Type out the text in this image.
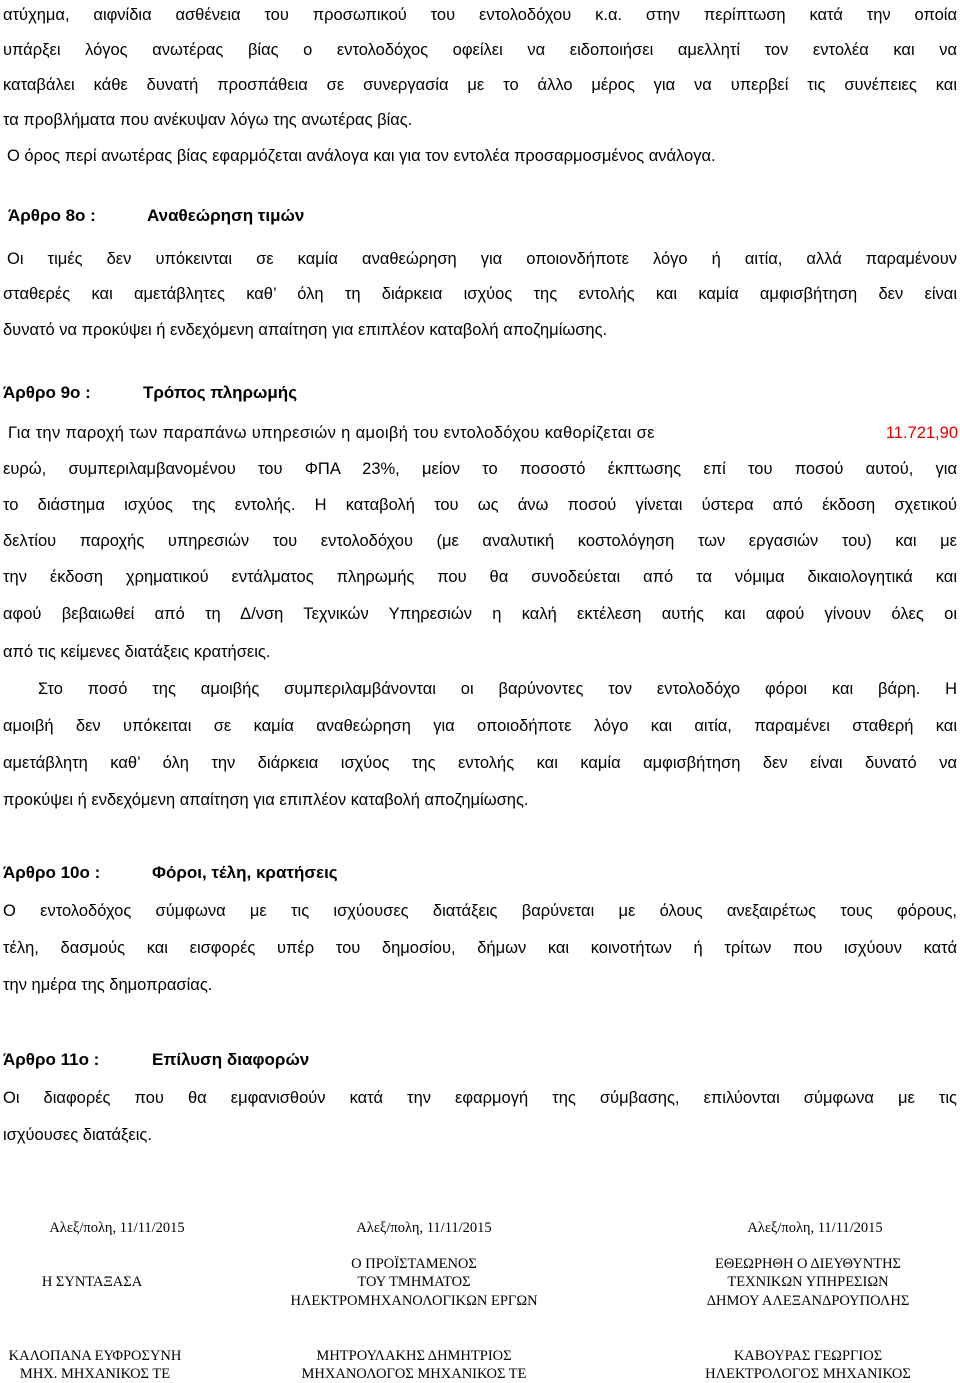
ατύχημα, αιφνίδια ασθένεια του προσωπικού του εντολοδόχου κ.α. στην περίπτωση κατά την οποία
υπάρξει λόγος ανωτέρας βίας ο εντολοδόχος οφείλει να ειδοποιήσει αμελλητί τον εντολέα και να
καταβάλει κάθε δυνατή προσπάθεια σε συνεργασία με το άλλο μέρος για να υπερβεί τις συνέπειες και
τα προβλήματα που ανέκυψαν λόγω της ανωτέρας βίας.
Ο όρος περί ανωτέρας βίας εφαρμόζεται ανάλογα και για τον εντολέα προσαρμοσμένος ανάλογα.
Άρθρο 8ο :	Αναθεώρηση τιμών
Οι τιμές δεν υπόκεινται σε καμία αναθεώρηση για οποιονδήποτε λόγο ή αιτία, αλλά παραμένουν
σταθερές και αμετάβλητες καθ’ όλη τη διάρκεια ισχύος της εντολής και καμία αμφισβήτηση δεν είναι
δυνατό να προκύψει ή ενδεχόμενη απαίτηση για επιπλέον καταβολή αποζημίωσης.
Άρθρο 9ο :	Τρόπος πληρωμής
Για την παροχή των παραπάνω υπηρεσιών η αμοιβή του εντολοδόχου καθορίζεται σε	11.721,90
ευρώ, συμπεριλαμβανομένου του ΦΠΑ 23%, μείον το ποσοστό έκπτωσης επί του ποσού αυτού, για
το διάστημα ισχύος της εντολής. Η καταβολή του ως άνω ποσού γίνεται ύστερα από έκδοση σχετικού
δελτίου παροχής υπηρεσιών του εντολοδόχου (με αναλυτική κοστολόγηση των εργασιών του) και με
την έκδοση χρηματικού εντάλματος πληρωμής που θα συνοδεύεται από τα νόμιμα δικαιολογητικά και
αφού βεβαιωθεί από τη Δ/νση Τεχνικών Υπηρεσιών η καλή εκτέλεση αυτής και αφού γίνουν όλες οι
από τις κείμενες διατάξεις κρατήσεις.
Στο ποσό της αμοιβής συμπεριλαμβάνονται οι βαρύνοντες τον εντολοδόχο φόροι και βάρη. Η
αμοιβή δεν υπόκειται σε καμία αναθεώρηση για οποιοδήποτε λόγο και αιτία, παραμένει σταθερή και
αμετάβλητη καθ’ όλη την διάρκεια ισχύος της εντολής και καμία αμφισβήτηση δεν είναι δυνατό να
προκύψει ή ενδεχόμενη απαίτηση για επιπλέον καταβολή αποζημίωσης.
Άρθρο 10ο :	Φόροι, τέλη, κρατήσεις
Ο εντολοδόχος σύμφωνα με τις ισχύουσες διατάξεις βαρύνεται με όλους ανεξαιρέτως τους φόρους,
τέλη, δασμούς και εισφορές υπέρ του δημοσίου, δήμων και κοινοτήτων ή τρίτων που ισχύουν κατά
την ημέρα της δημοπρασίας.
Άρθρο 11ο :	Επίλυση διαφορών
Οι διαφορές που θα εμφανισθούν κατά την εφαρμογή της σύμβασης, επιλύονται σύμφωνα με τις
ισχύουσες διατάξεις.
Αλεξ/πολη, 11/11/2015
Η ΣΥΝΤΑΞΑΣΑ
ΚΑΛΟΠΑΝΑ ΕΥΦΡΟΣΥΝΗ
ΜΗΧ. ΜΗΧΑΝΙΚΟΣ ΤΕ
Αλεξ/πολη, 11/11/2015
Ο ΠΡΟΪΣΤΑΜΕΝΟΣ
ΤΟΥ ΤΜΗΜΑΤΟΣ
ΗΛΕΚΤΡΟΜΗΧΑΝΟΛΟΓΙΚΩΝ ΕΡΓΩΝ
ΜΗΤΡΟΥΛΑΚΗΣ ΔΗΜΗΤΡΙΟΣ
ΜΗΧΑΝΟΛΟΓΟΣ ΜΗΧΑΝΙΚΟΣ ΤΕ
Αλεξ/πολη, 11/11/2015
ΕΘΕΩΡΗΘΗ Ο ΔΙΕΥΘΥΝΤΗΣ
ΤΕΧΝΙΚΩΝ ΥΠΗΡΕΣΙΩΝ
ΔΗΜΟΥ ΑΛΕΞΑΝΔΡΟΥΠΟΛΗΣ
ΚΑΒΟΥΡΑΣ ΓΕΩΡΓΙΟΣ
ΗΛΕΚΤΡΟΛΟΓΟΣ ΜΗΧΑΝΙΚΟΣ
